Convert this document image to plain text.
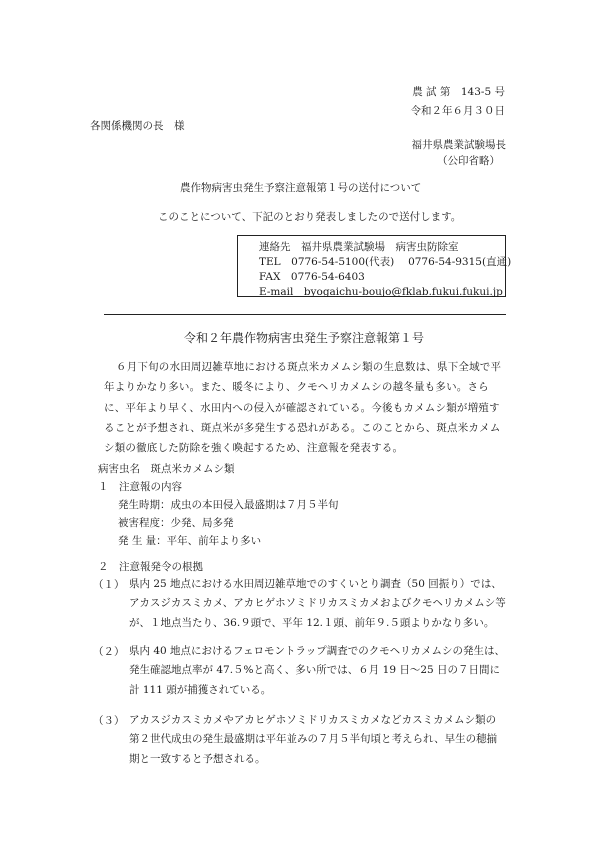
農 試 第　143-5 号
令和２年６月３０日
各関係機関の長　様
福井県農業試験場長
（公印省略）
農作物病害虫発生予察注意報第１号の送付について
このことについて、下記のとおり発表しましたので送付します。
連絡先　福井県農業試験場　病害虫防除室
TEL　0776-54-5100(代表)　 0776-54-9315(直通)
FAX　0776-54-6403
E-mail　byogaichu-boujo@fklab.fukui.fukui.jp
令和２年農作物病害虫発生予察注意報第１号
６月下旬の水田周辺雑草地における斑点米カメムシ類の生息数は、県下全域で平年よりかなり多い。また、暖冬により、クモヘリカメムシの越冬量も多い。さらに、平年より早く、水田内への侵入が確認されている。今後もカメムシ類が増殖することが予想され、斑点米が多発生する恐れがある。このことから、斑点米カメムシ類の徹底した防除を強く喚起するため、注意報を発表する。
病害虫名　斑点米カメムシ類
１　注意報の内容
発生時期：成虫の本田侵入最盛期は７月５半旬
被害程度：少発、局多発
発 生 量：平年、前年より多い
２　注意報発令の根拠
（１） 県内 25 地点における水田周辺雑草地でのすくいとり調査（50 回振り）では、アカスジカスミカメ、アカヒゲホソミドリカスミカメおよびクモヘリカメムシ等が、１地点当たり、36.９頭で、平年 12.１頭、前年９.５頭よりかなり多い。
（２） 県内 40 地点におけるフェロモントラップ調査でのクモヘリカメムシの発生は、発生確認地点率が 47.５%と高く、多い所では、６月 19 日～25 日の７日間に計 111 頭が捕獲されている。
（３） アカスジカスミカメやアカヒゲホソミドリカスミカメなどカスミカメムシ類の第２世代成虫の発生最盛期は平年並みの７月５半旬頃と考えられ、早生の穂揃期と一致すると予想される。
